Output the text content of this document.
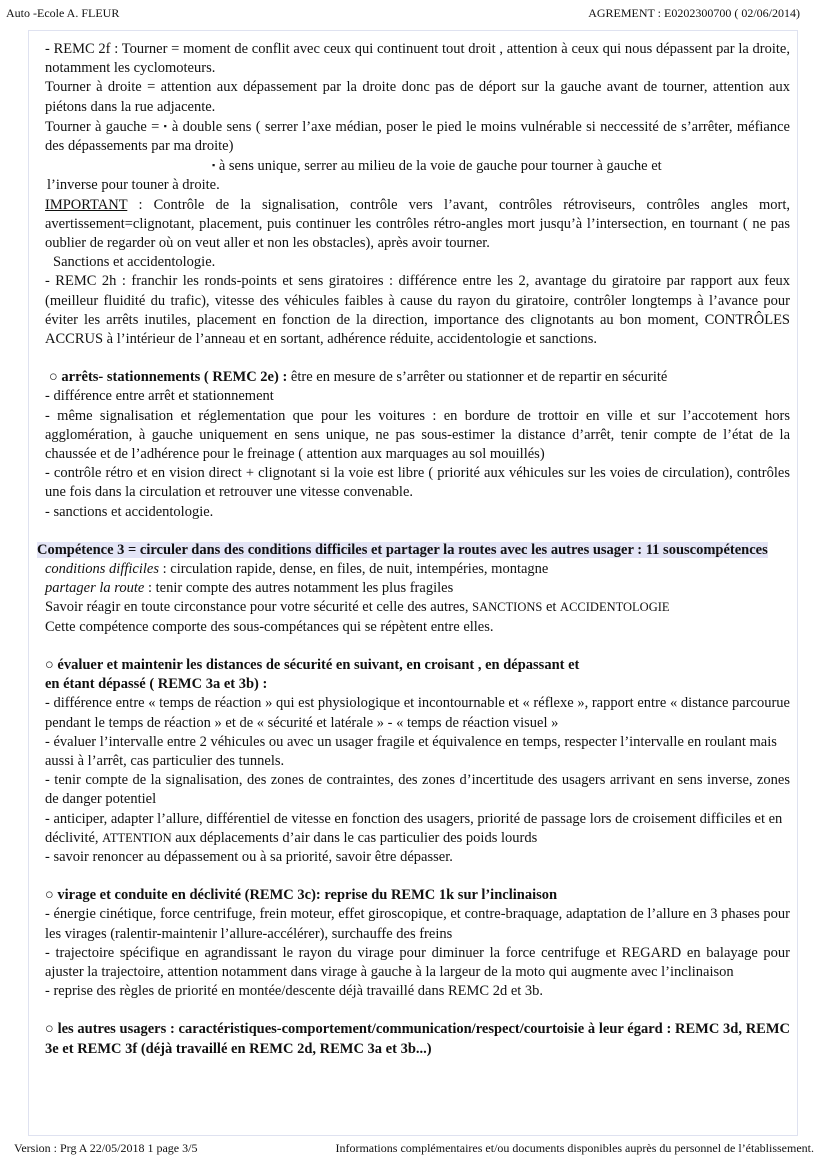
Auto -Ecole A. FLEUR	AGREMENT : E0202300700 ( 02/06/2014)

- REMC 2f : Tourner = moment de conflit avec ceux qui continuent tout droit , attention à ceux qui nous dépassent par la droite, notamment les cyclomoteurs.

Tourner à droite = attention aux dépassement par la droite donc pas de déport sur la gauche avant de tourner, attention aux piétons dans la rue adjacente.

Tourner à gauche = ▪ à double sens ( serrer l’axe médian, poser le pied le moins vulnérable si neccessité de s’arrêter, méfiance des dépassements par ma droite)

▪ à sens unique, serrer au milieu de la voie de gauche pour tourner à gauche et

l’inverse pour touner à droite.

IMPORTANT : Contrôle de la signalisation, contrôle vers l’avant, contrôles rétroviseurs, contrôles angles mort, avertissement=clignotant, placement, puis continuer les contrôles rétro-angles mort jusqu’à l’intersection, en tournant ( ne pas oublier de regarder où on veut aller et non les obstacles), après avoir tourner.

Sanctions et accidentologie.

- REMC 2h : franchir les ronds-points et sens giratoires : différence entre les 2, avantage du giratoire par rapport aux feux (meilleur fluidité du trafic), vitesse des véhicules faibles à cause du rayon du giratoire, contrôler longtemps à l’avance pour éviter les arrêts inutiles, placement en fonction de la direction, importance des clignotants au bon moment, CONTRÔLES ACCRUS à l’intérieur de l’anneau et en sortant, adhérence réduite, accidentologie et sanctions.

○ arrêts- stationnements ( REMC 2e) : être en mesure de s’arrêter ou stationner et de repartir en sécurité

- différence entre arrêt et stationnement

- même signalisation et réglementation que pour les voitures : en bordure de trottoir en ville et sur l’accotement hors agglomération, à gauche uniquement en sens unique, ne pas sous-estimer la distance d’arrêt, tenir compte de l’état de la chaussée et de l’adhérence pour le freinage ( attention aux marquages au sol mouillés)

- contrôle rétro et en vision direct + clignotant si la voie est libre ( priorité aux véhicules sur les voies de circulation), contrôles une fois dans la circulation et retrouver une vitesse convenable.

- sanctions et accidentologie.

Compétence 3 = circuler dans des conditions difficiles et partager la routes avec les autres usager : 11 souscompétences

conditions difficiles : circulation rapide, dense, en files, de nuit, intempéries, montagne

partager la route : tenir compte des autres notamment les plus fragiles

Savoir réagir en toute circonstance pour votre sécurité et celle des autres, SANCTIONS et ACCIDENTOLOGIE

Cette compétence comporte des sous-compétances qui se répètent entre elles.

○ évaluer et maintenir les distances de sécurité en suivant, en croisant , en dépassant et

en étant dépassé ( REMC 3a et 3b) :

- différence entre « temps de réaction » qui est physiologique et incontournable et « réflexe », rapport entre « distance parcourue pendant le temps de réaction » et de « sécurité et latérale » - « temps de réaction visuel »

- évaluer l’intervalle entre 2 véhicules ou avec un usager fragile et équivalence en temps, respecter l’intervalle en roulant mais aussi à l’arrêt, cas particulier des tunnels.

- tenir compte de la signalisation, des zones de contraintes, des zones d’incertitude des usagers arrivant en sens inverse, zones de danger potentiel

- anticiper, adapter l’allure, différentiel de vitesse en fonction des usagers, priorité de passage lors de croisement difficiles et en déclivité, ATTENTION aux déplacements d’air dans le cas particulier des poids lourds

- savoir renoncer au dépassement ou à sa priorité, savoir être dépasser.

○ virage et conduite en déclivité (REMC 3c): reprise du REMC 1k sur l’inclinaison

- énergie cinétique, force centrifuge, frein moteur, effet giroscopique, et contre-braquage, adaptation de l’allure en 3 phases pour les virages (ralentir-maintenir l’allure-accélérer), surchauffe des freins

- trajectoire spécifique en agrandissant le rayon du virage pour diminuer la force centrifuge et REGARD en balayage pour ajuster la trajectoire, attention notamment dans virage à gauche à la largeur de la moto qui augmente avec l’inclinaison

- reprise des règles de priorité en montée/descente déjà travaillé dans REMC 2d et 3b.

○ les autres usagers : caractéristiques-comportement/communication/respect/courtoisie à leur égard : REMC 3d, REMC 3e et REMC 3f (déjà travaillé en REMC 2d, REMC 3a et 3b...)

Version : Prg A 22/05/2018 1 page 3/5	Informations complémentaires et/ou documents disponibles auprès du personnel de l’établissement.
